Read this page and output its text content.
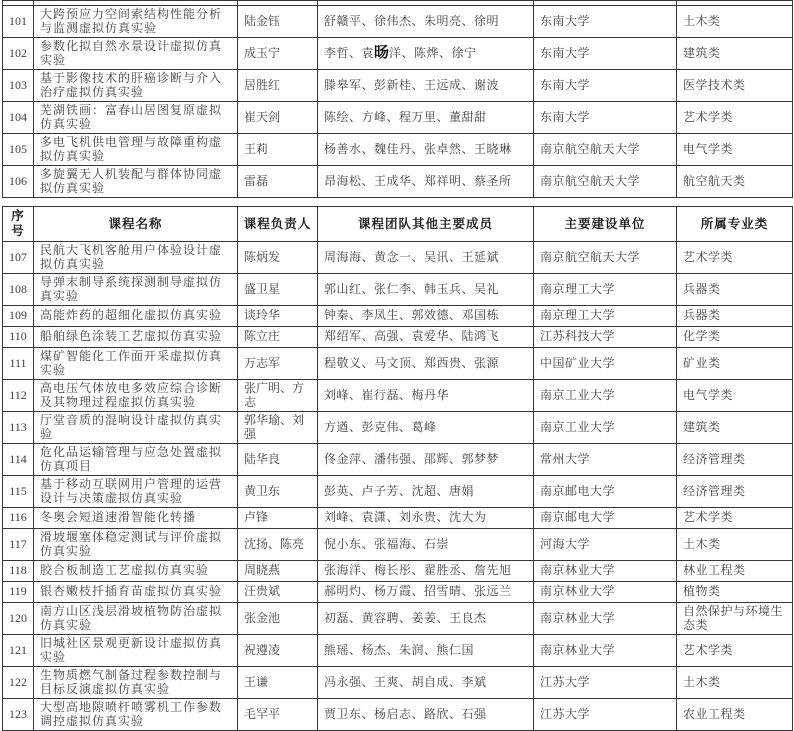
101	大跨预应力空间索结构性能分析与监测虚拟仿真实验	陆金钰	舒赣平、徐伟杰、朱明亮、徐明	东南大学	土木类
102	参数化拟自然水景设计虚拟仿真实验	成玉宁	李哲、袁旸洋、陈烨、徐宁	东南大学	建筑类
103	基于影像技术的肝癌诊断与介入治疗虚拟仿真实验	居胜红	滕皋军、彭新桂、王远成、谢波	东南大学	医学技术类
104	芜湖铁画：富春山居图复原虚拟仿真实验	崔天剑	陈绘、方峰、程万里、董甜甜	东南大学	艺术学类
105	多电飞机供电管理与故障重构虚拟仿真实验	王莉	杨善水、魏佳丹、张卓然、王晓琳	南京航空航天大学	电气学类
106	多旋翼无人机装配与群体协同虚拟仿真实验	雷磊	昂海松、王成华、郑祥明、蔡圣所	南京航空航天大学	航空航天类
序号	课程名称	课程负责人	课程团队其他主要成员	主要建设单位	所属专业类
107	民航大飞机客舱用户体验设计虚拟仿真实验	陈炳发	周海海、黄念一、吴讯、王延斌	南京航空航天大学	艺术学类
108	导弹末制导系统探测制导虚拟仿真实验	盛卫星	郭山红、张仁李、韩玉兵、吴礼	南京理工大学	兵器类
109	高能炸药的超细化虚拟仿真实验	谈玲华	钟秦、李凤生、郭效德、邓国栋	南京理工大学	兵器类
110	船舶绿色涂装工艺虚拟仿真实验	陈立庄	郑绍军、高强、袁爱华、陆鸿飞	江苏科技大学	化学类
111	煤矿智能化工作面开采虚拟仿真实验	万志军	程敬义、马文顶、郑西贵、张源	中国矿业大学	矿业类
112	高电压气体放电多效应综合诊断及其物理过程虚拟仿真实验	张广明、方志	刘峰、崔行磊、梅丹华	南京工业大学	电气学类
113	厅堂音质的混响设计虚拟仿真实验	郭华瑜、刘强	方遒、彭克伟、葛峰	南京工业大学	建筑类
114	危化品运输管理与应急处置虚拟仿真项目	陆华良	佟金萍、潘伟强、邵辉、郭梦梦	常州大学	经济管理类
115	基于移动互联网用户管理的运营设计与决策虚拟仿真实验	黄卫东	彭英、卢子芳、沈超、唐娟	南京邮电大学	经济管理类
116	冬奥会短道速滑智能化转播	卢锋	刘峰、袁潇、刘永贵、沈大为	南京邮电大学	艺术学类
117	滑坡堰塞体稳定测试与评价虚拟仿真实验	沈扬、陈亮	倪小东、张福海、石崇	河海大学	土木类
118	胶合板制造工艺虚拟仿真实验	周晓燕	张海洋、梅长彤、翟胜丞、詹先旭	南京林业大学	林业工程类
119	银杏嫩枝扦插育苗虚拟仿真实验	汪贵斌	郝明灼、杨万霞、招雪晴、张远兰	南京林业大学	植物类
120	南方山区浅层滑坡植物防治虚拟仿真实验	张金池	初磊、黄容聘、姜姜、王良杰	南京林业大学	自然保护与环境生态类
121	旧城社区景观更新设计虚拟仿真实验	祝遵凌	熊瑶、杨杰、朱润、熊仁国	南京林业大学	艺术学类
122	生物质燃气制备过程参数控制与目标反演虚拟仿真实验	王谦	冯永强、王爽、胡自成、李斌	江苏大学	土木类
123	大型高地隙喷杆喷雾机工作参数调控虚拟仿真实验	毛罕平	贾卫东、杨启志、路欣、石强	江苏大学	农业工程类
